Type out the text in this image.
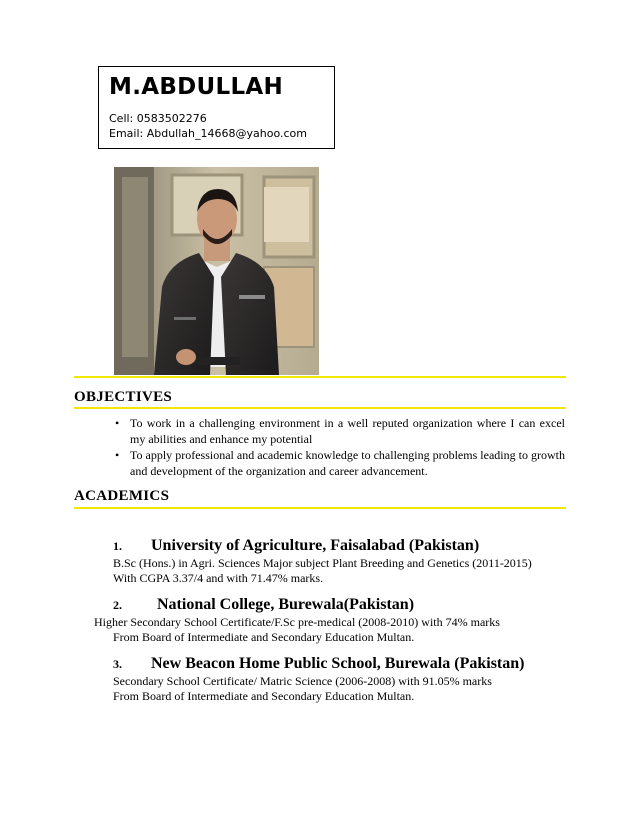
M.ABDULLAH
Cell: 0583502276
Email: Abdullah_14668@yahoo.com
OBJECTIVES
• To work in a challenging environment in a well reputed organization where I can excel my abilities and enhance my potential
• To apply professional and academic knowledge to challenging problems leading to growth and development of the organization and career advancement.
ACADEMICS
1. University of Agriculture, Faisalabad (Pakistan)
B.Sc (Hons.) in Agri. Sciences Major subject Plant Breeding and Genetics (2011-2015)
With CGPA 3.37/4 and with 71.47% marks.
2. National College, Burewala(Pakistan)
Higher Secondary School Certificate/F.Sc pre-medical (2008-2010) with 74% marks
From Board of Intermediate and Secondary Education Multan.
3. New Beacon Home Public School, Burewala (Pakistan)
Secondary School Certificate/ Matric Science (2006-2008) with 91.05% marks
From Board of Intermediate and Secondary Education Multan.
